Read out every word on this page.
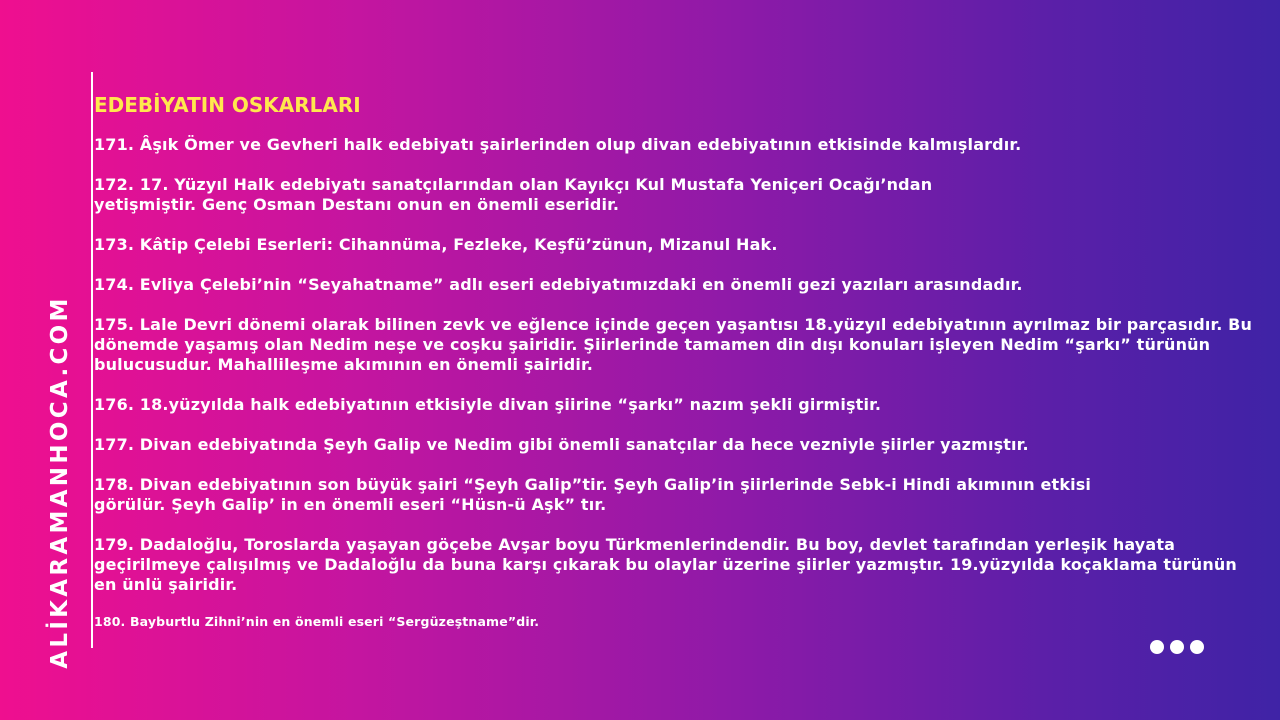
ALİKARAMANHOCA.COM
EDEBİYATIN OSKARLARI

171. Âşık Ömer ve Gevheri halk edebiyatı şairlerinden olup divan edebiyatının etkisinde kalmışlardır.

172. 17. Yüzyıl Halk edebiyatı sanatçılarından olan Kayıkçı Kul Mustafa Yeniçeri Ocağı’ndan
yetişmiştir. Genç Osman Destanı onun en önemli eseridir.

173. Kâtip Çelebi Eserleri: Cihannüma, Fezleke, Keşfü’zünun, Mizanul Hak.

174. Evliya Çelebi’nin “Seyahatname” adlı eseri edebiyatımızdaki en önemli gezi yazıları arasındadır.

175. Lale Devri dönemi olarak bilinen zevk ve eğlence içinde geçen yaşantısı 18.yüzyıl edebiyatının ayrılmaz bir parçasıdır. Bu dönemde yaşamış olan Nedim neşe ve coşku şairidir. Şiirlerinde tamamen din dışı konuları işleyen Nedim “şarkı” türünün bulucusudur. Mahallileşme akımının en önemli şairidir.

176. 18.yüzyılda halk edebiyatının etkisiyle divan şiirine “şarkı” nazım şekli girmiştir.

177. Divan edebiyatında Şeyh Galip ve Nedim gibi önemli sanatçılar da hece vezniyle şiirler yazmıştır.

178. Divan edebiyatının son büyük şairi “Şeyh Galip”tir. Şeyh Galip’in şiirlerinde Sebk-i Hindi akımının etkisi
görülür. Şeyh Galip’ in en önemli eseri “Hüsn-ü Aşk” tır.

179. Dadaloğlu, Toroslarda yaşayan göçebe Avşar boyu Türkmenlerindendir. Bu boy, devlet tarafından yerleşik hayata geçirilmeye çalışılmış ve Dadaloğlu da buna karşı çıkarak bu olaylar üzerine şiirler yazmıştır. 19.yüzyılda koçaklama türünün en ünlü şairidir.

180. Bayburtlu Zihni’nin en önemli eseri “Sergüzeştname”dir.
